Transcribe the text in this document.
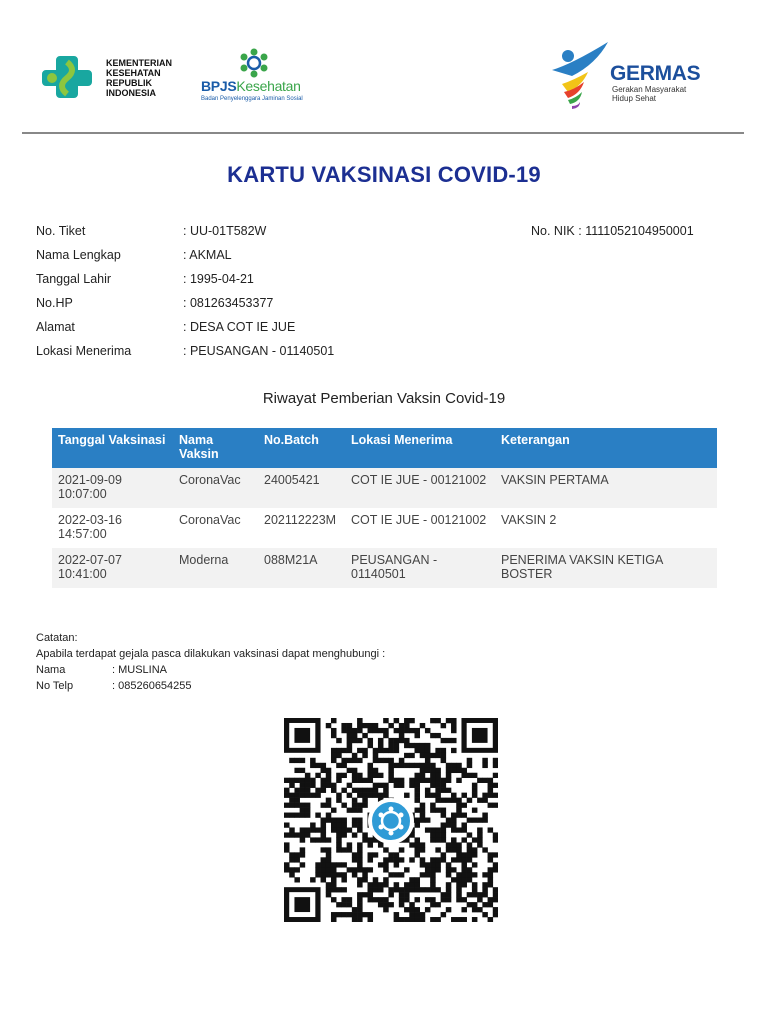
KEMENTERIAN
KESEHATAN
REPUBLIK
INDONESIA	BPJSKesehatan
Badan Penyelenggara Jaminan Sosial
GERMAS
Gerakan Masyarakat
Hidup Sehat
KARTU VAKSINASI COVID-19
No. Tiket	: UU-01T582W
Nama Lengkap	: AKMAL
Tanggal Lahir	: 1995-04-21
No.HP	: 081263453377
Alamat	: DESA COT IE JUE
Lokasi Menerima	: PEUSANGAN - 01140501
No. NIK : 1111052104950001
Riwayat Pemberian Vaksin Covid-19
Tanggal Vaksinasi	Nama Vaksin	No.Batch	Lokasi Menerima	Keterangan
2021-09-09 10:07:00	CoronaVac	24005421	COT IE JUE - 00121002	VAKSIN PERTAMA
2022-03-16 14:57:00	CoronaVac	202112223M	COT IE JUE - 00121002	VAKSIN 2
2022-07-07 10:41:00	Moderna	088M21A	PEUSANGAN - 01140501	PENERIMA VAKSIN KETIGA BOSTER
Catatan:
Apabila terdapat gejala pasca dilakukan vaksinasi dapat menghubungi :
Nama	: MUSLINA
No Telp	: 085260654255
